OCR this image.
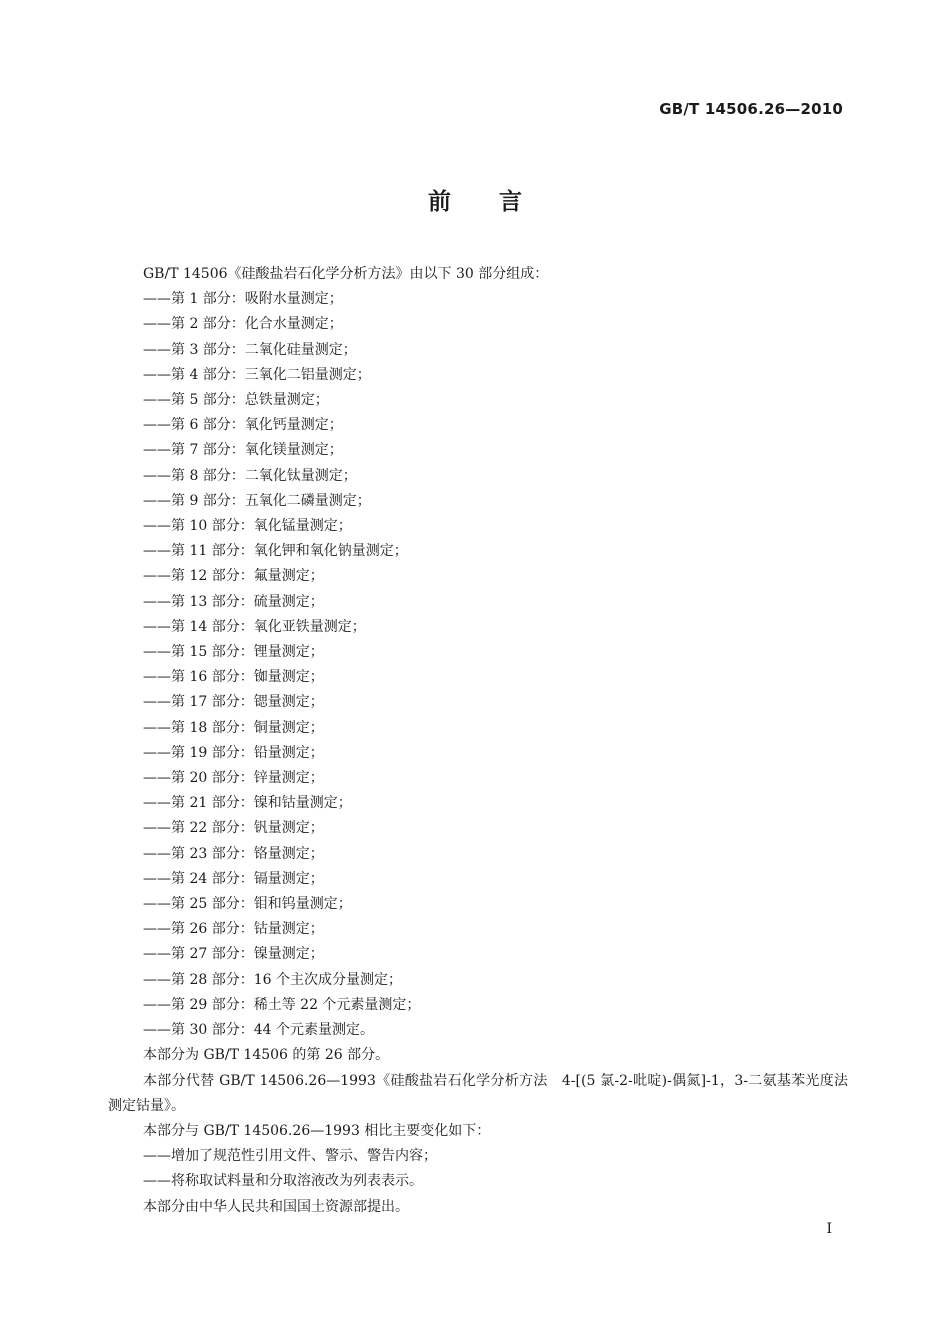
GB/T 14506.26—2010
前言

GB/T 14506《硅酸盐岩石化学分析方法》由以下 30 部分组成：

——第 1 部分：吸附水量测定；

——第 2 部分：化合水量测定；

——第 3 部分：二氧化硅量测定；

——第 4 部分：三氧化二铝量测定；

——第 5 部分：总铁量测定；

——第 6 部分：氧化钙量测定；

——第 7 部分：氧化镁量测定；

——第 8 部分：二氧化钛量测定；

——第 9 部分：五氧化二磷量测定；

——第 10 部分：氧化锰量测定；

——第 11 部分：氧化钾和氧化钠量测定；

——第 12 部分：氟量测定；

——第 13 部分：硫量测定；

——第 14 部分：氧化亚铁量测定；

——第 15 部分：锂量测定；

——第 16 部分：铷量测定；

——第 17 部分：锶量测定；

——第 18 部分：铜量测定；

——第 19 部分：铅量测定；

——第 20 部分：锌量测定；

——第 21 部分：镍和钴量测定；

——第 22 部分：钒量测定；

——第 23 部分：铬量测定；

——第 24 部分：镉量测定；

——第 25 部分：钼和钨量测定；

——第 26 部分：钴量测定；

——第 27 部分：镍量测定；

——第 28 部分：16 个主次成分量测定；

——第 29 部分：稀土等 22 个元素量测定；

——第 30 部分：44 个元素量测定。

本部分为 GB/T 14506 的第 26 部分。

本部分代替 GB/T 14506.26—1993《硅酸盐岩石化学分析方法　4-[(5 氯-2-吡啶)-偶氮]-1，3-二氨基苯光度法测定钴量》。

本部分与 GB/T 14506.26—1993 相比主要变化如下：

——增加了规范性引用文件、警示、警告内容；

——将称取试料量和分取溶液改为列表表示。

本部分由中华人民共和国国土资源部提出。

I
